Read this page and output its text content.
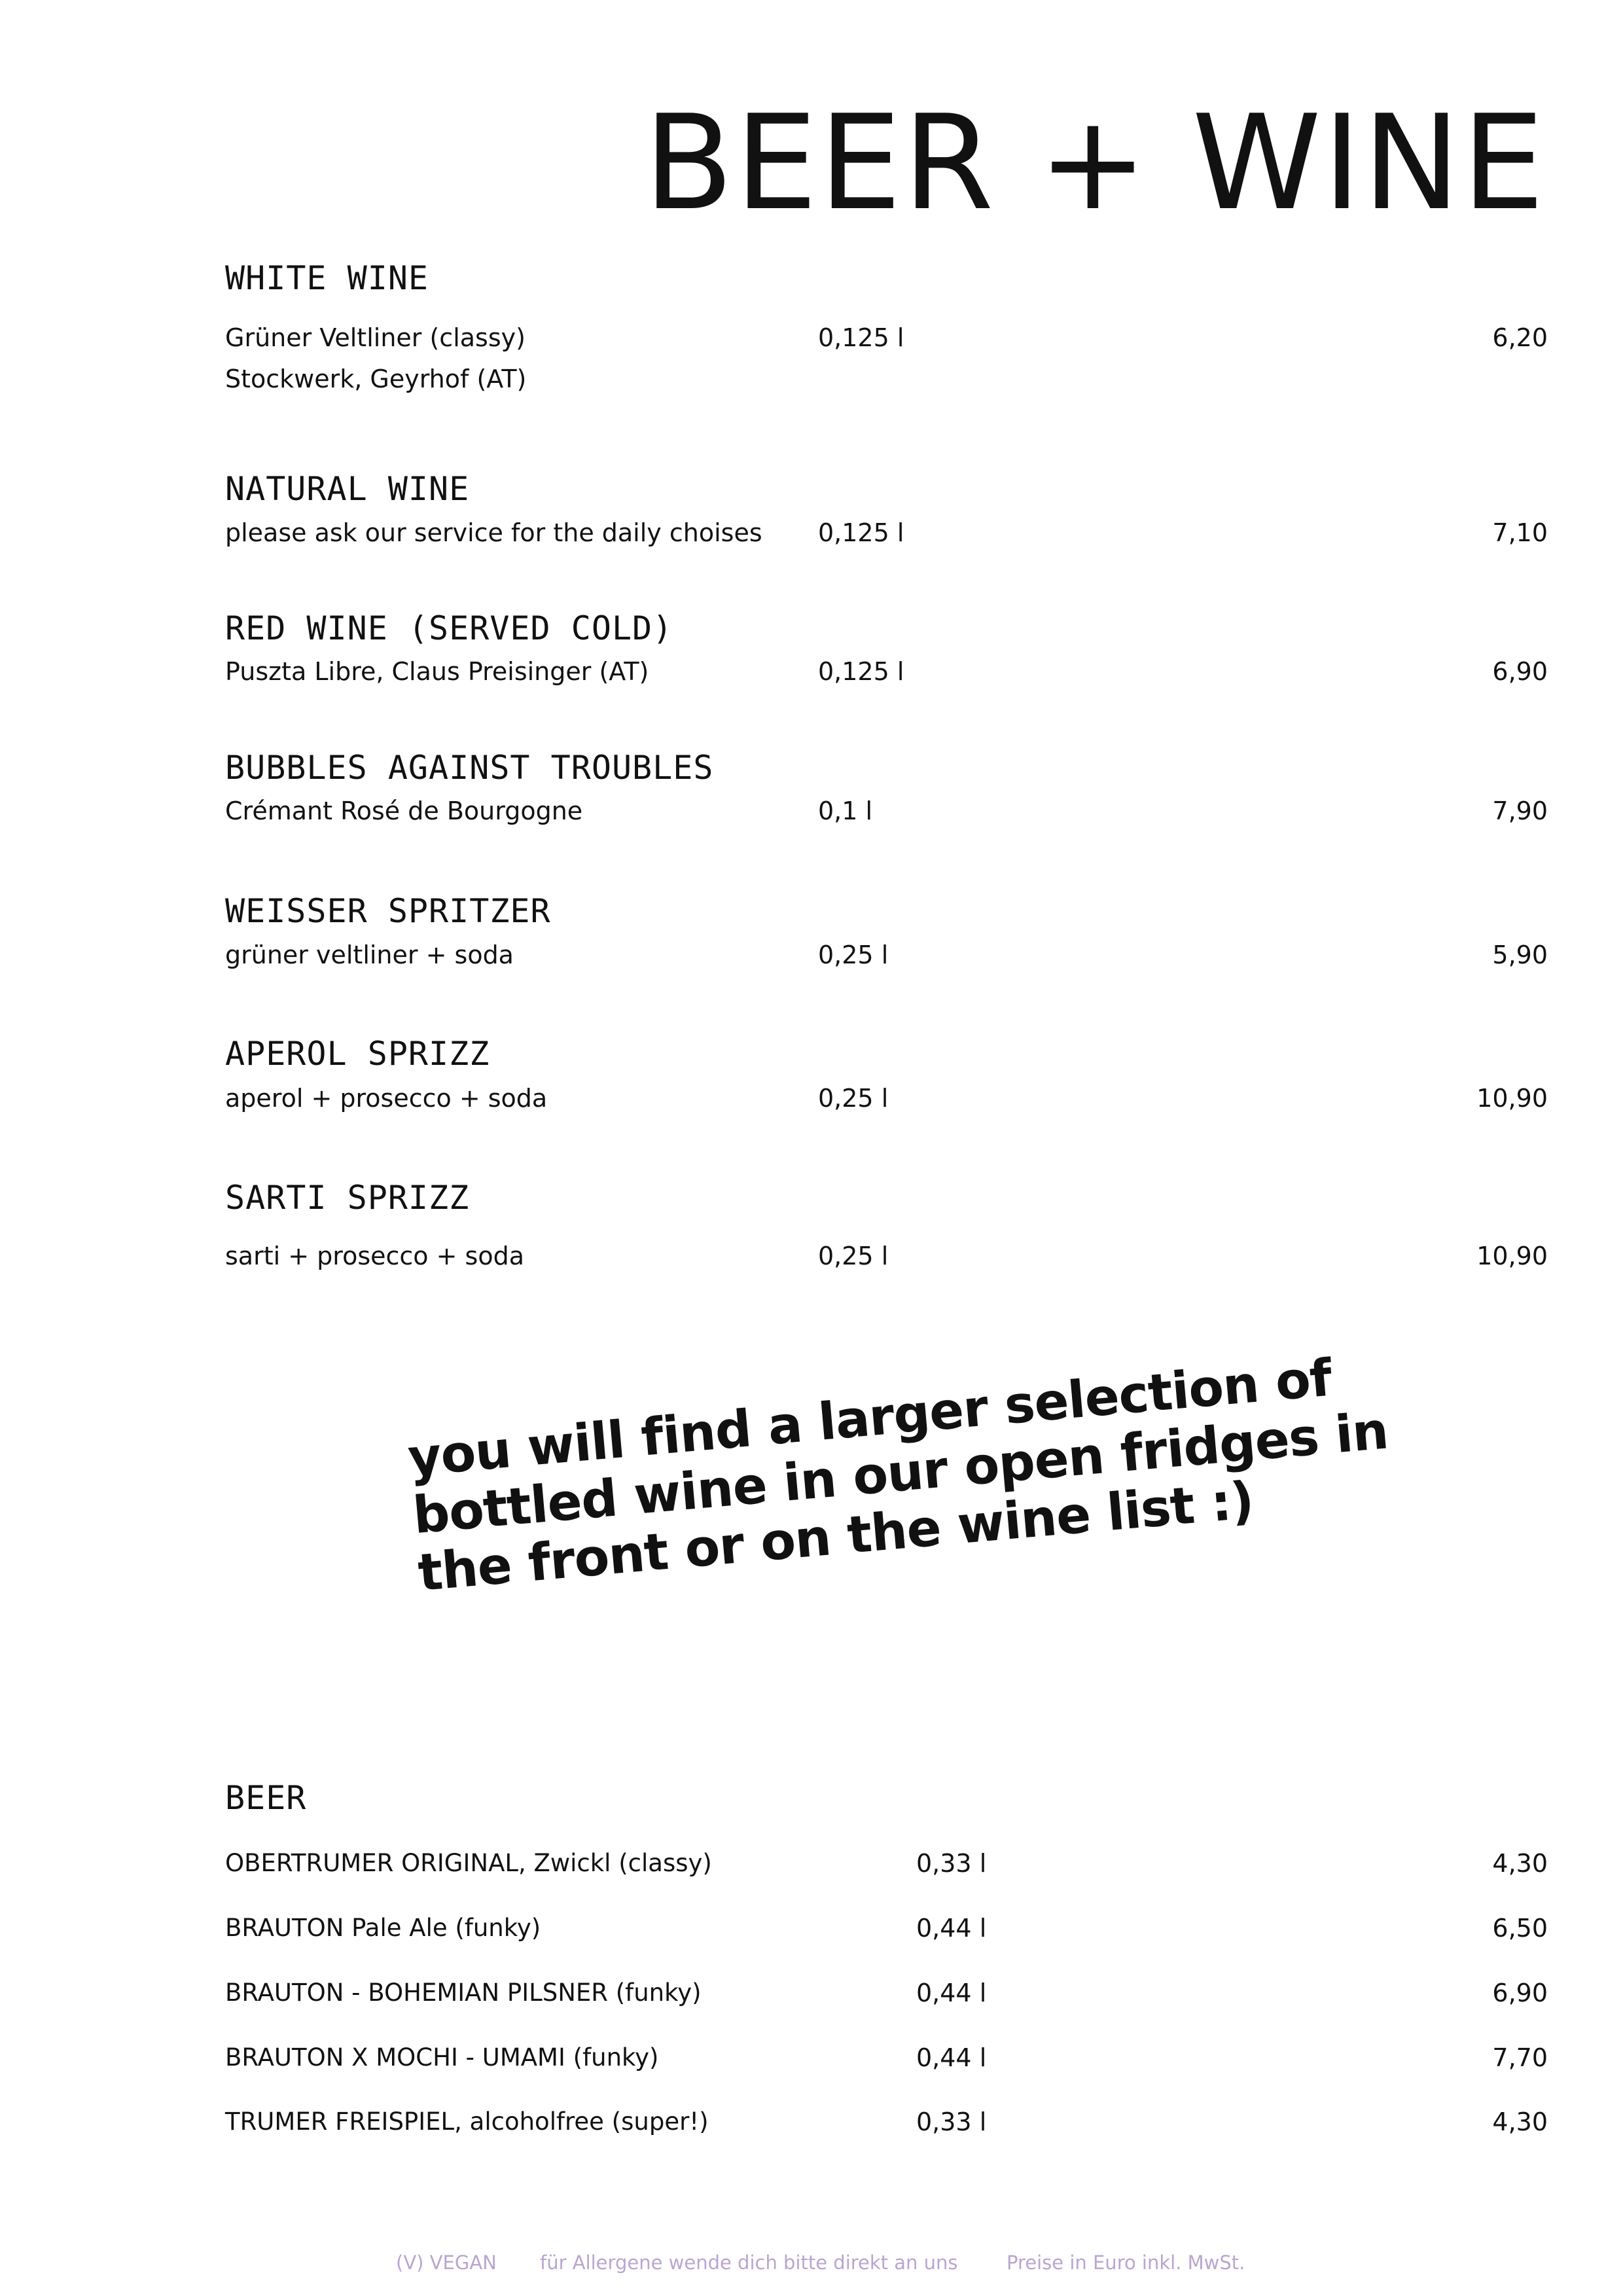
BEER + WINE
WHITE WINE
Grüner Veltliner (classy)
Stockwerk, Geyrhof (AT)
0,125 l	6,20
NATURAL WINE
please ask our service for the daily choises 0,125 l	7,10
RED WINE (SERVED COLD)
Puszta Libre, Claus Preisinger (AT)	0,125 l	6,90
BUBBLES AGAINST TROUBLES
Crémant Rosé de Bourgogne	0,1 l	7,90
WEISSER SPRITZER
grüner veltliner + soda	0,25 l	5,90
APEROL SPRIZZ
aperol + prosecco + soda	0,25 l	10,90
SARTI SPRIZZ
sarti + prosecco + soda	0,25 l	10,90

you will find a larger selection of bottled wine in our open fridges in the front or on the wine list :)

BEER
OBERTRUMER ORIGINAL, Zwickl (classy)	0,33 l	4,30
BRAUTON Pale Ale (funky)	0,44 l	6,50
BRAUTON - BOHEMIAN PILSNER (funky)	0,44 l	6,90
BRAUTON X MOCHI - UMAMI (funky)	0,44 l	7,70
TRUMER FREISPIEL, alcoholfree (super!)	0,33 l	4,30
(V) VEGAN für Allergene wende dich bitte direkt an uns	Preise in Euro inkl. MwSt.
